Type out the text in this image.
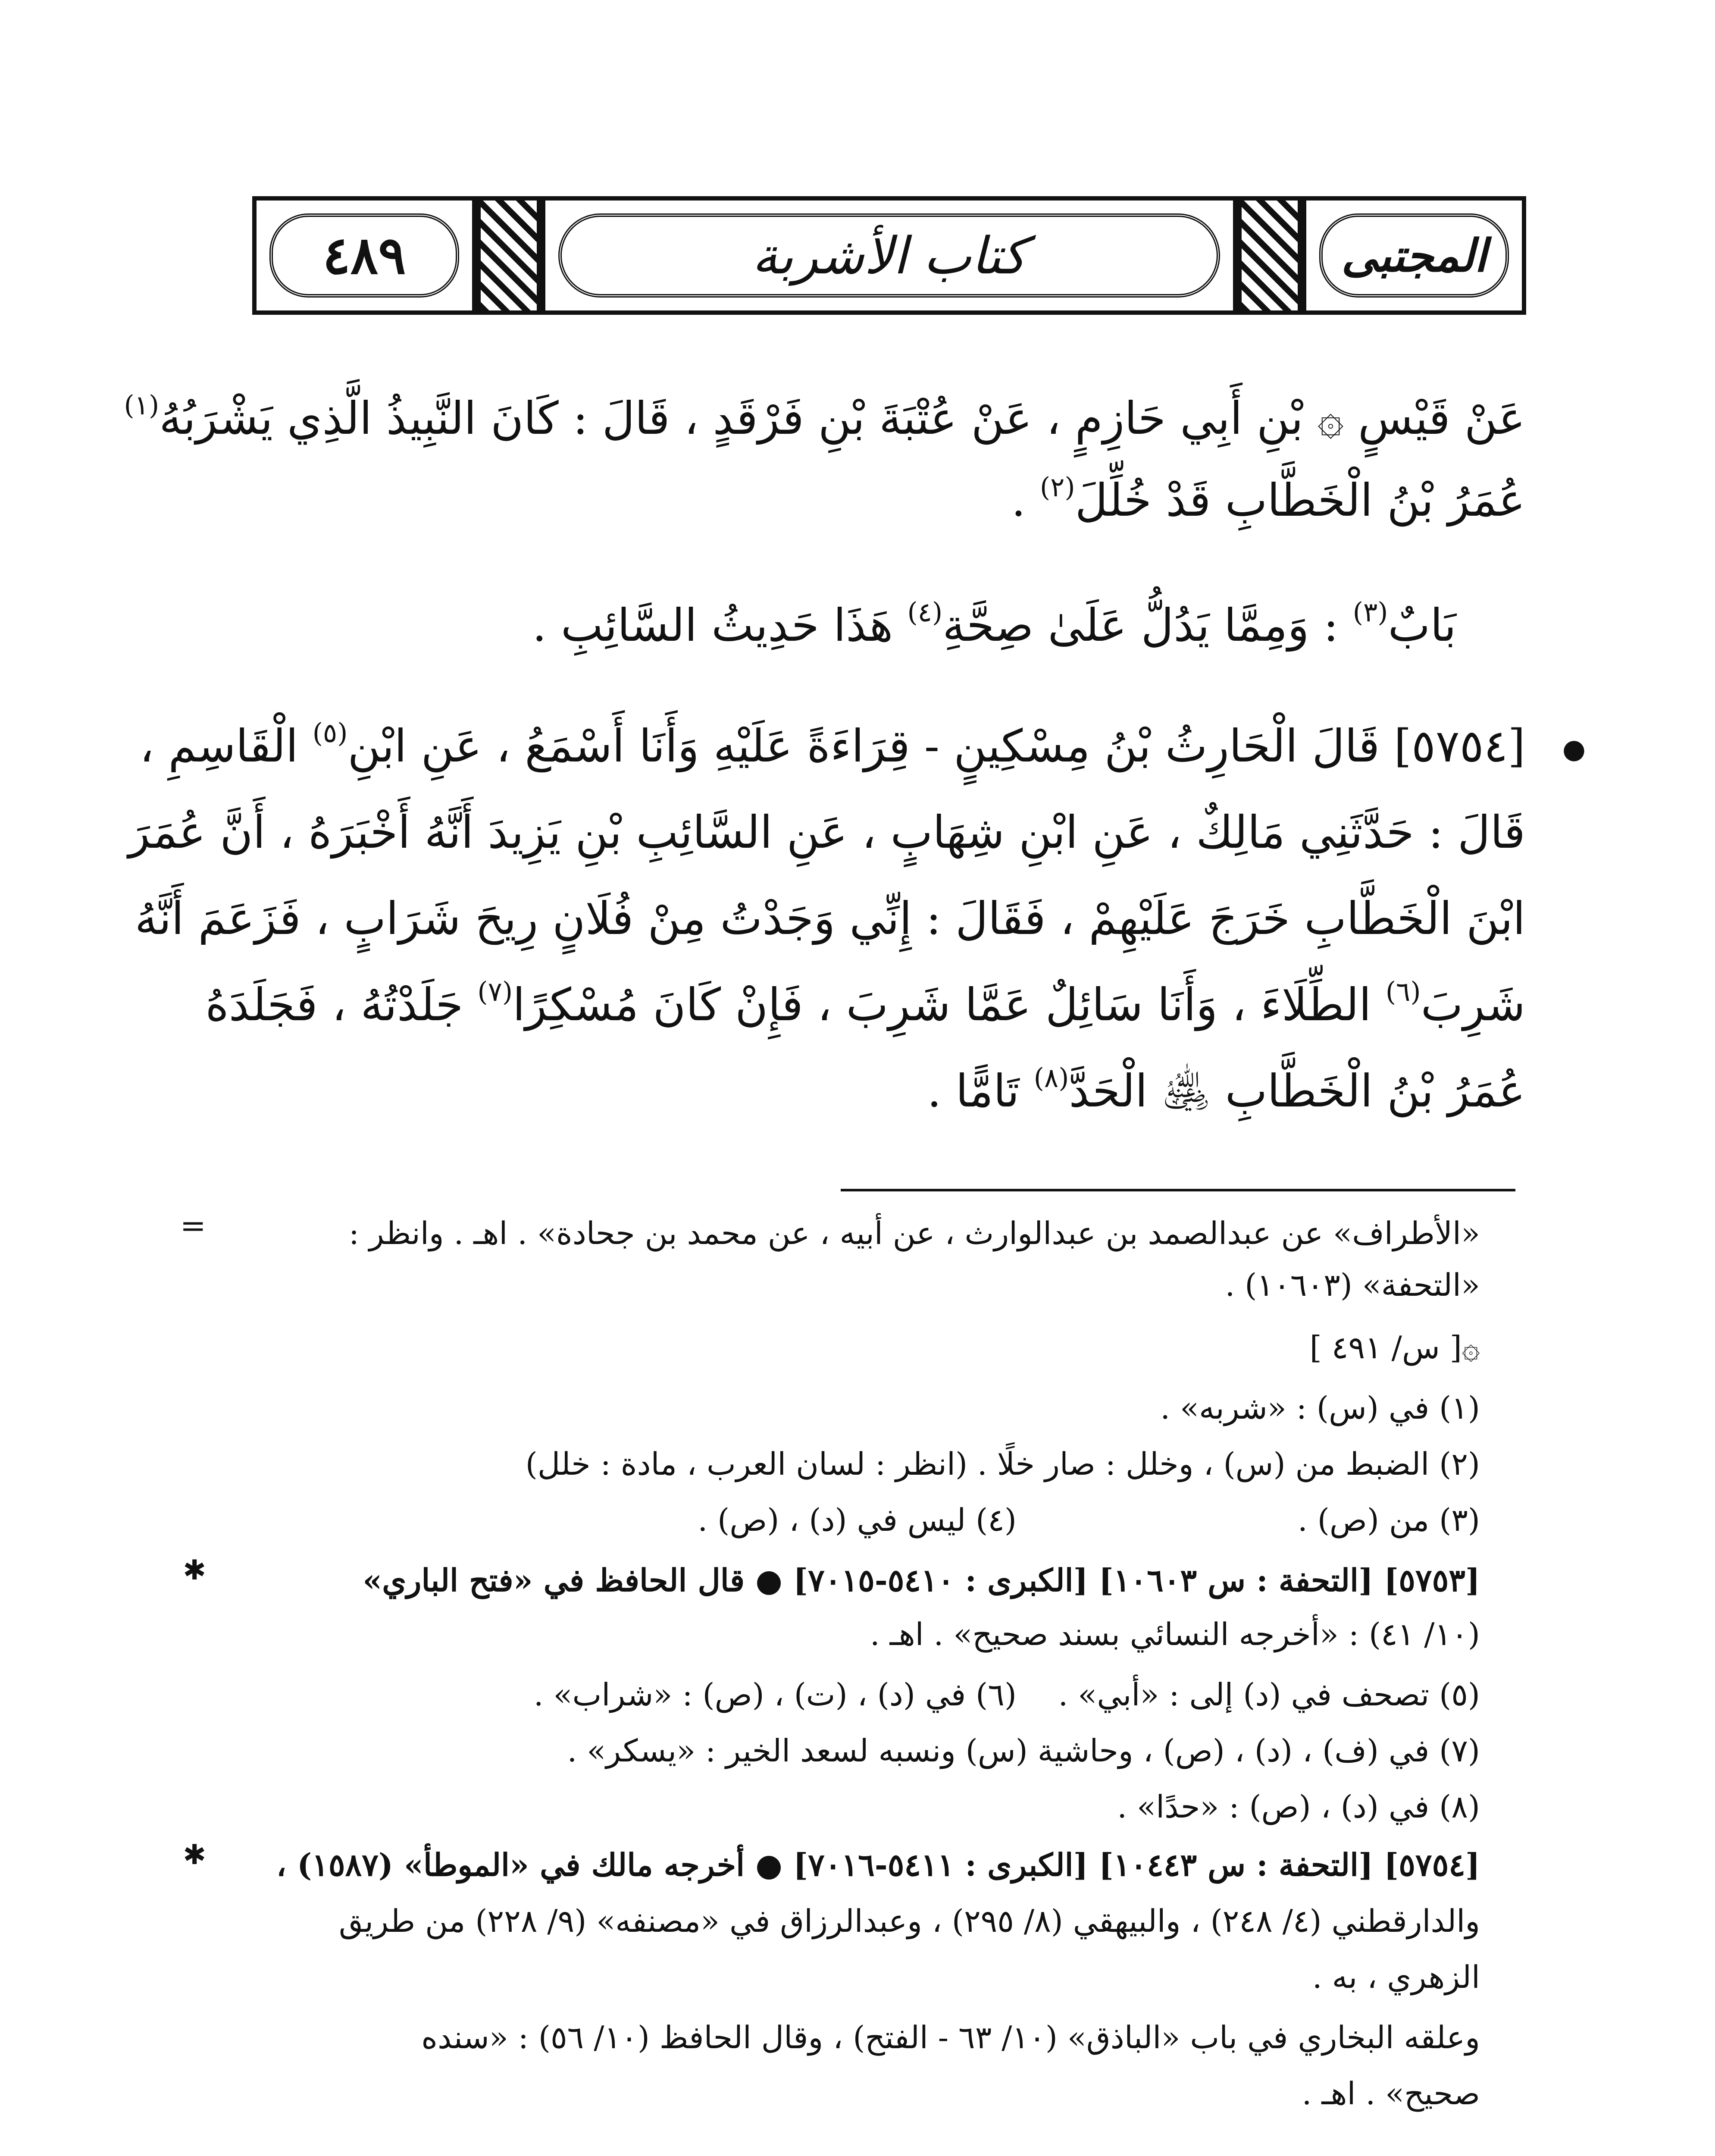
المجتبى
كتاب الأشربة
٤٨٩
عَنْ قَيْسٍ ۞ بْنِ أَبِي حَازِمٍ ، عَنْ عُتْبَةَ بْنِ فَرْقَدٍ ، قَالَ : كَانَ النَّبِيذُ الَّذِي يَشْرَبُهُ$^{(١)}$
عُمَرُ بْنُ الْخَطَّابِ قَدْ خُلِّلَ$^{(٢)}$ .
بَابٌ$^{(٣)}$ : وَمِمَّا يَدُلُّ عَلَىٰ صِحَّةِ$^{(٤)}$ هَذَا حَدِيثُ السَّائِبِ .
●
[٥٧٥٤] قَالَ الْحَارِثُ بْنُ مِسْكِينٍ - قِرَاءَةً عَلَيْهِ وَأَنَا أَسْمَعُ ، عَنِ ابْنِ$^{(٥)}$ الْقَاسِمِ ،
قَالَ : حَدَّثَنِي مَالِكٌ ، عَنِ ابْنِ شِهَابٍ ، عَنِ السَّائِبِ بْنِ يَزِيدَ أَنَّهُ أَخْبَرَهُ ، أَنَّ عُمَرَ
ابْنَ الْخَطَّابِ خَرَجَ عَلَيْهِمْ ، فَقَالَ : إِنِّي وَجَدْتُ مِنْ فُلَانٍ رِيحَ شَرَابٍ ، فَزَعَمَ أَنَّهُ
شَرِبَ$^{(٦)}$ الطِّلَاءَ ، وَأَنَا سَائِلٌ عَمَّا شَرِبَ ، فَإِنْ كَانَ مُسْكِرًا$^{(٧)}$ جَلَدْتُهُ ، فَجَلَدَهُ
عُمَرُ بْنُ الْخَطَّابِ ﵁ الْحَدَّ$^{(٨)}$ تَامًّا .
=	«الأطراف» عن عبدالصمد بن عبدالوارث ، عن أبيه ، عن محمد بن جحادة» . اهـ . وانظر :
«التحفة» (١٠٦٠٣) .
۞[ س/ ٤٩١ ]
(١) في (س) : «شربه» .
(٢) الضبط من (س) ، وخلل : صار خلًا . (انظر : لسان العرب ، مادة : خلل)
(٣) من (ص) .
(٤) ليس في (د) ، (ص) .
✱	[٥٧٥٣] [التحفة : س ١٠٦٠٣] [الكبرى : ٥٤١٠-٧٠١٥] ● قال الحافظ في «فتح الباري»
(١٠/ ٤١) : «أخرجه النسائي بسند صحيح» . اهـ .
(٥) تصحف في (د) إلى : «أبي» .
(٦) في (د) ، (ت) ، (ص) : «شراب» .
(٧) في (ف) ، (د) ، (ص) ، وحاشية (س) ونسبه لسعد الخير : «يسكر» .
(٨) في (د) ، (ص) : «حدًا» .
✱ [٥٧٥٤] [التحفة : س ١٠٤٤٣] [الكبرى : ٥٤١١-٧٠١٦] ● أخرجه مالك في «الموطأ» (١٥٨٧) ،
والدارقطني (٤/ ٢٤٨) ، والبيهقي (٨/ ٢٩٥) ، وعبدالرزاق في «مصنفه» (٩/ ٢٢٨) من طريق
الزهري ، به .
وعلقه البخاري في باب «الباذق» (١٠/ ٦٣ - الفتح) ، وقال الحافظ (١٠/ ٥٦) : «سنده
صحيح» . اهـ .
